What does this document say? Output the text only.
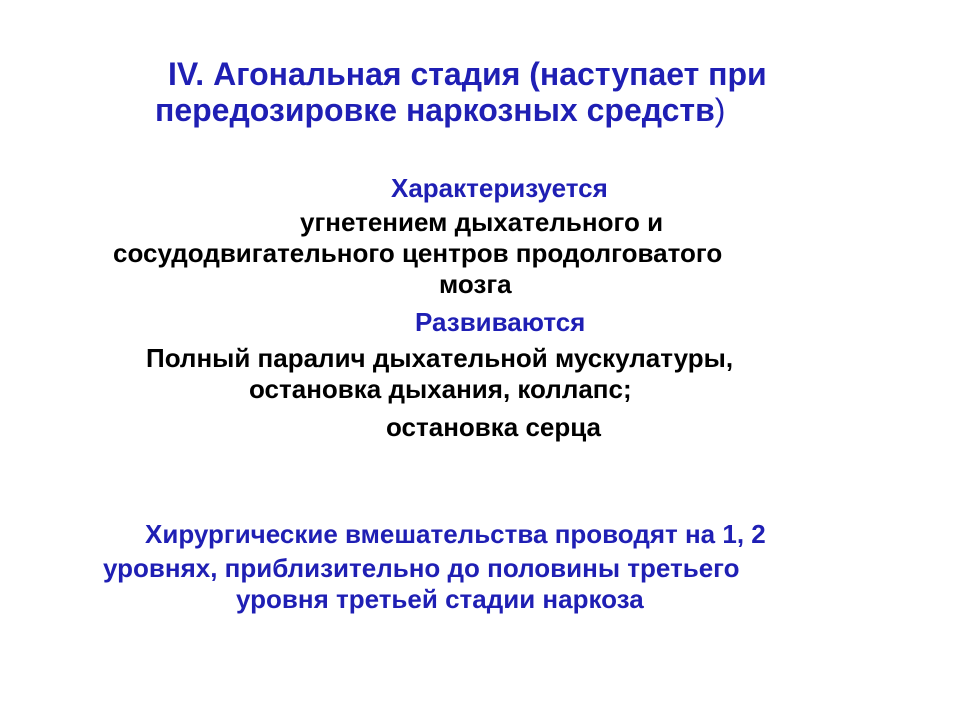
IV. Агональная стадия (наступает при
передозировке наркозных средств)
Характеризуется
угнетением дыхательного и
сосудодвигательного центров продолговатого
мозга
Развиваются
Полный паралич дыхательной мускулатуры,
остановка дыхания, коллапс;
остановка серца
Хирургические вмешательства проводят на 1, 2
уровнях, приблизительно до половины третьего
уровня третьей стадии наркоза
